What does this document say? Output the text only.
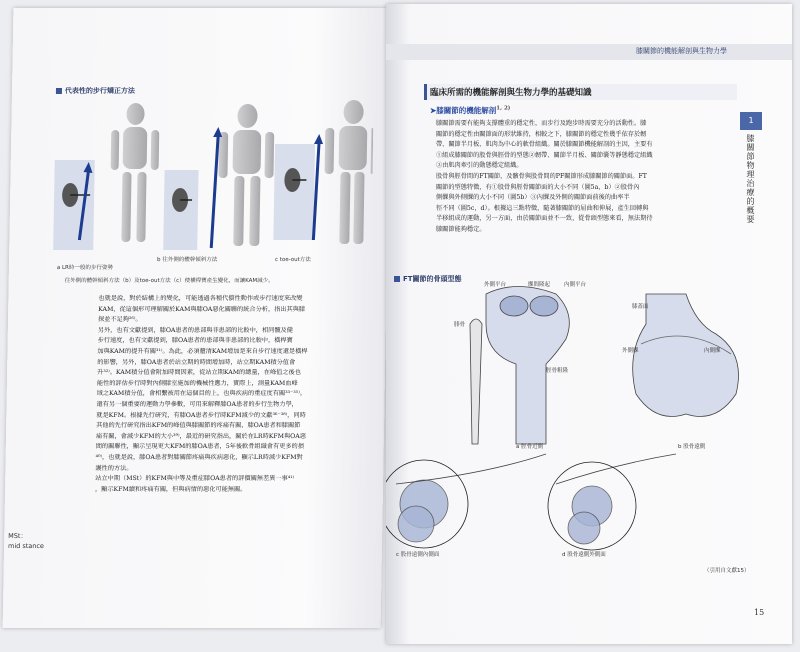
代表性的步行矯正方法
a LR時一般的步行姿勢
b 往外側的體幹傾斜方法	c toe-out方法
往外側的體幹傾斜方法（b）及toe-out方法（c）使橫桿寶產生變化，而讓KAM減少。
也就是說，對於結構上的變化，可能透過各種代償性動作或步行速度來改變
KAM，從這個形可理解關於KAM與膝OA惡化關聯的統合分析，指出其與膝
探並不足夠²⁶⁾。
另外，也有文獻提到，膝OA患者的患部與非患部的比較中，相同髖及健
步行速度，也有文獻提到，膝OA患者的患部與非患部的比較中，橫桿寶
加與KAM的提升有關³¹⁾。為此，必須釐清KAM增加是來自步行速度還是橫桿
的影響，另外，膝OA患者於站立期的時間增加時，站立期KAM積分值會
升³²⁾。KAM積分值會附加時間因素，從站立期KAM的總量，在峰值之後也
能性的評估步行時對內側膝室施加的機械性應力，實際上，測量KAM血峰
域之KAM積分值，會相繫被用在這個目的上，也與疾病的重症度有關³³⁻³⁵⁾。
還有另一個重要的運動力學參數，可用來解釋膝OA患者的步行生物力學，
就是KFM。根據先行研究，有膝OA患者步行時KFM減少的文獻³⁶⁻³⁸⁾，同時
其他的先行研究指出KFM的峰值與膝關節的疼痛有關，膝OA患者和膝關節
痛有關，會減少KFM的大小³⁹⁾，最近的研究指出，關於在LR時KFM與OA惡
間的關聯性，顯示呈現更大KFM的膝OA患者，5年後軟骨組織會有更多的損
⁴⁰⁾，也就是說，膝OA患者對膝關節疼痛與疾病惡化，顯示LR時減少KFM對
護性的方法。
站立中期（MSt）的KFM與中等及重症膝OA患者的評價關無差異一事⁴¹⁾
，顯示KFM續和疼痛有關，但與病情的惡化可能無關。
MSt：
mid stance
膝關節的機能解剖與生物力學
1
膝關節物理治療的概要
臨床所需的機能解剖與生物力學的基礎知識
➤膝關節的機能解剖$^{1, 2)}$
膝關節需要有能夠支撐體重的穩定性，而步行及跑步時需要充分的活動性。膝
關節的穩定性由關節面的形狀維持，相較之下，膝關節的穩定性幾乎依存於韌
帶、關節半月板、肌肉為中心的軟骨組織。關於膝關節機能解剖的主因，主要有
①組成膝關節的股骨與脛骨的型態②韌帶、關節半月板、關節囊等靜態穩定組織
③由肌肉牽引的動態穩定組織。
股骨與脛骨間的FT關節，及髕骨與股骨間的PF關節形成膝關節的關節面。FT
關節的型態特徵，有①股骨與脛骨關節面的大小不同（圖5a，b）②股骨內
側髁與外側髁的大小不同（圖5b）③內髁及外側的關節面前後的曲率半
徑不同（圖5c，d）。根據這三點特徵，隨著膝關節的屈曲和伸展，產生回轉與
半移組成的運動，另一方面，由於關節面並不一致，從骨頭型態來看，無法期待
膝關節能夠穩定。
FT關節的骨頭型態
外側平台	髁間隆起	內側平台
腓骨
脛骨粗隆
膝蓋面
外側髁	內側髁
a 脛骨近側	b 股骨遠側
c 股骨遠側內側面	d 股骨遠側外側面
（引用自文獻15）
15
